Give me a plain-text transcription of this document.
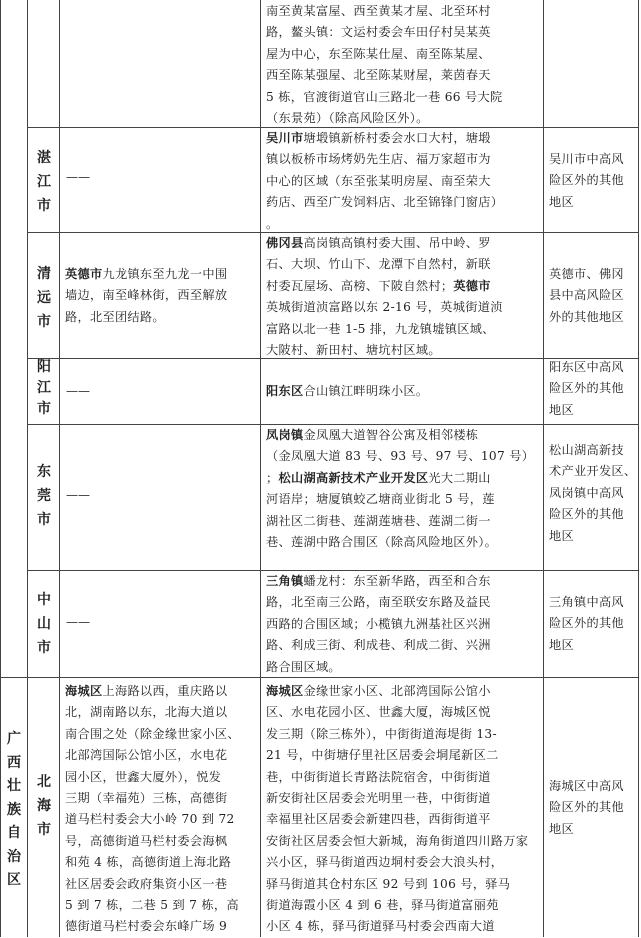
南至黄某富屋、西至黄某才屋、北至环村
路，鳌头镇：文运村委会车田仔村吴某英
屋为中心，东至陈某仕屋、南至陈某屋、
西至陈某强屋、北至陈某财屋，莱茵春天
5 栋，官渡街道官山三路北一巷 66 号大院
（东景苑）（除高风险区外）。
湛
江
市
——
吴川市塘塅镇新桥村委会水口大村，塘塅
镇以板桥市场烤奶先生店、福万家超市为
中心的区域（东至张某明房屋、南至荣大
药店、西至广发饲料店、北至锦锋门窗店）
。
吴川市中高风
险区外的其他
地区
清
远
市
英德市九龙镇东至九龙一中围
墙边，南至峰林街，西至解放
路，北至团结路。
佛冈县高岗镇高镇村委大围、吊中岭、罗
石、大坝、竹山下、龙潭下自然村，新联
村委瓦屋场、高榜、下陂自然村；英德市
英城街道浈富路以东 2-16 号，英城街道浈
富路以北一巷 1-5 排，九龙镇墟镇区域、
大陂村、新田村、塘坑村区域。
英德市、佛冈
县中高风险区
外的其他地区
阳
江
市
——	阳东区合山镇江畔明珠小区。
阳东区中高风
险区外的其他
地区
东
莞
市
——
凤岗镇金凤凰大道智谷公寓及相邻楼栋
（金凤凰大道 83 号、93 号、97 号、107 号）
；松山湖高新技术产业开发区光大二期山
河语岸；塘厦镇蛟乙塘商业街北 5 号，莲
湖社区二街巷、莲湖莲塘巷、莲湖二街一
巷、莲湖中路合围区（除高风险地区外）。
松山湖高新技
术产业开发区、
凤岗镇中高风
险区外的其他
地区
中
山
市
——
三角镇蟠龙村：东至新华路，西至和合东
路，北至南三公路，南至联安东路及益民
西路的合围区域；小榄镇九洲基社区兴洲
路、利成三街、利成巷、利成二街、兴洲
路合围区域。
三角镇中高风
险区外的其他
地区
广
西
壮
族
自
治
区
北
海
市
海城区上海路以西，重庆路以
北，湖南路以东，北海大道以
南合围之处（除金缘世家小区、
北部湾国际公馆小区，水电花
园小区，世鑫大厦外），悦发
三期（幸福苑）三栋，高德街
道马栏村委会大小岭 70 到 72
号，高德街道马栏村委会海枫
和苑 4 栋，高德街道上海北路
社区居委会政府集资小区一巷
5 到 7 栋，二巷 5 到 7 栋，高
德街道马栏村委会东峰广场 9
海城区金缘世家小区、北部湾国际公馆小
区、水电花园小区、世鑫大厦，海城区悦
发三期（除三栋外），中街街道海堤街 13-
21 号，中街塘仔里社区居委会垌尾新区二
巷，中街街道长青路法院宿舍，中街街道
新安街社区居委会光明里一巷，中街街道
幸福里社区居委会新建四巷，西街街道平
安街社区居委会恒大新城，海角街道四川路万家
兴小区，驿马街道西边垌村委会大浪头村，
驿马街道其仓村东区 92 号到 106 号，驿马
街道海霞小区 4 到 6 巷，驿马街道富丽苑
小区 4 栋，驿马街道驿马村委会西南大道
海城区中高风
险区外的其他
地区
